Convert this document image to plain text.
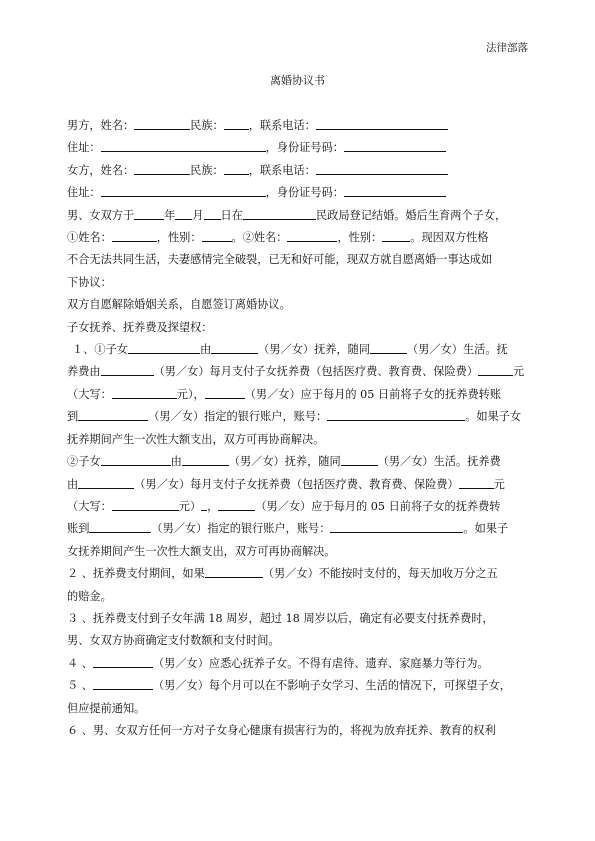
法律部落
离婚协议书
男方，姓名：	民族： ，联系电话：
住址：	，身份证号码：
女方，姓名：	民族： ，联系电话：
住址：	，身份证号码：
男、女双方于	年 月 日在	民政局登记结婚。婚后生育两个子女，
①姓名：	，性别：	。②姓名：	，性别：	。现因双方性格
不合无法共同生活，夫妻感情完全破裂，已无和好可能，现双方就自愿离婚一事达成如
下协议：
双方自愿解除婚姻关系，自愿签订离婚协议。
子女抚养、抚养费及探望权：
１、①子女	由	（男／女）抚养，随同	（男／女）生活。抚
养费由	（男／女）每月支付子女抚养费（包括医疗费、教育费、保险费）	元
（大写：	元），	（男／女）应于每月的 05 日前将子女的抚养费转账
到	（男／女）指定的银行账户，账号：	。如果子女
抚养期间产生一次性大额支出，双方可再协商解决。
②子女	由	（男／女）抚养，随同	（男／女）生活。抚养费
由	（男／女）每月支付子女抚养费（包括医疗费、教育费、保险费）	元
（大写：	元） ，	（男／女）应于每月的 05 日前将子女的抚养费转
账到	（男／女）指定的银行账户，账号：	。如果子
女抚养期间产生一次性大额支出，双方可再协商解决。
２ 、抚养费支付期间，如果	（男／女）不能按时支付的，每天加收万分之五
的赔金。
３ 、抚养费支付到子女年满 18 周岁，超过 18 周岁以后，确定有必要支付抚养费时，
男、女双方协商确定支付数额和支付时间。
４ 、	（男／女）应悉心抚养子女。不得有虐待、遗弃、家庭暴力等行为。
５ 、	（男／女）每个月可以在不影响子女学习、生活的情况下，可探望子女，
但应提前通知。
６ 、男、女双方任何一方对子女身心健康有损害行为的，将视为放弃抚养、教育的权利
